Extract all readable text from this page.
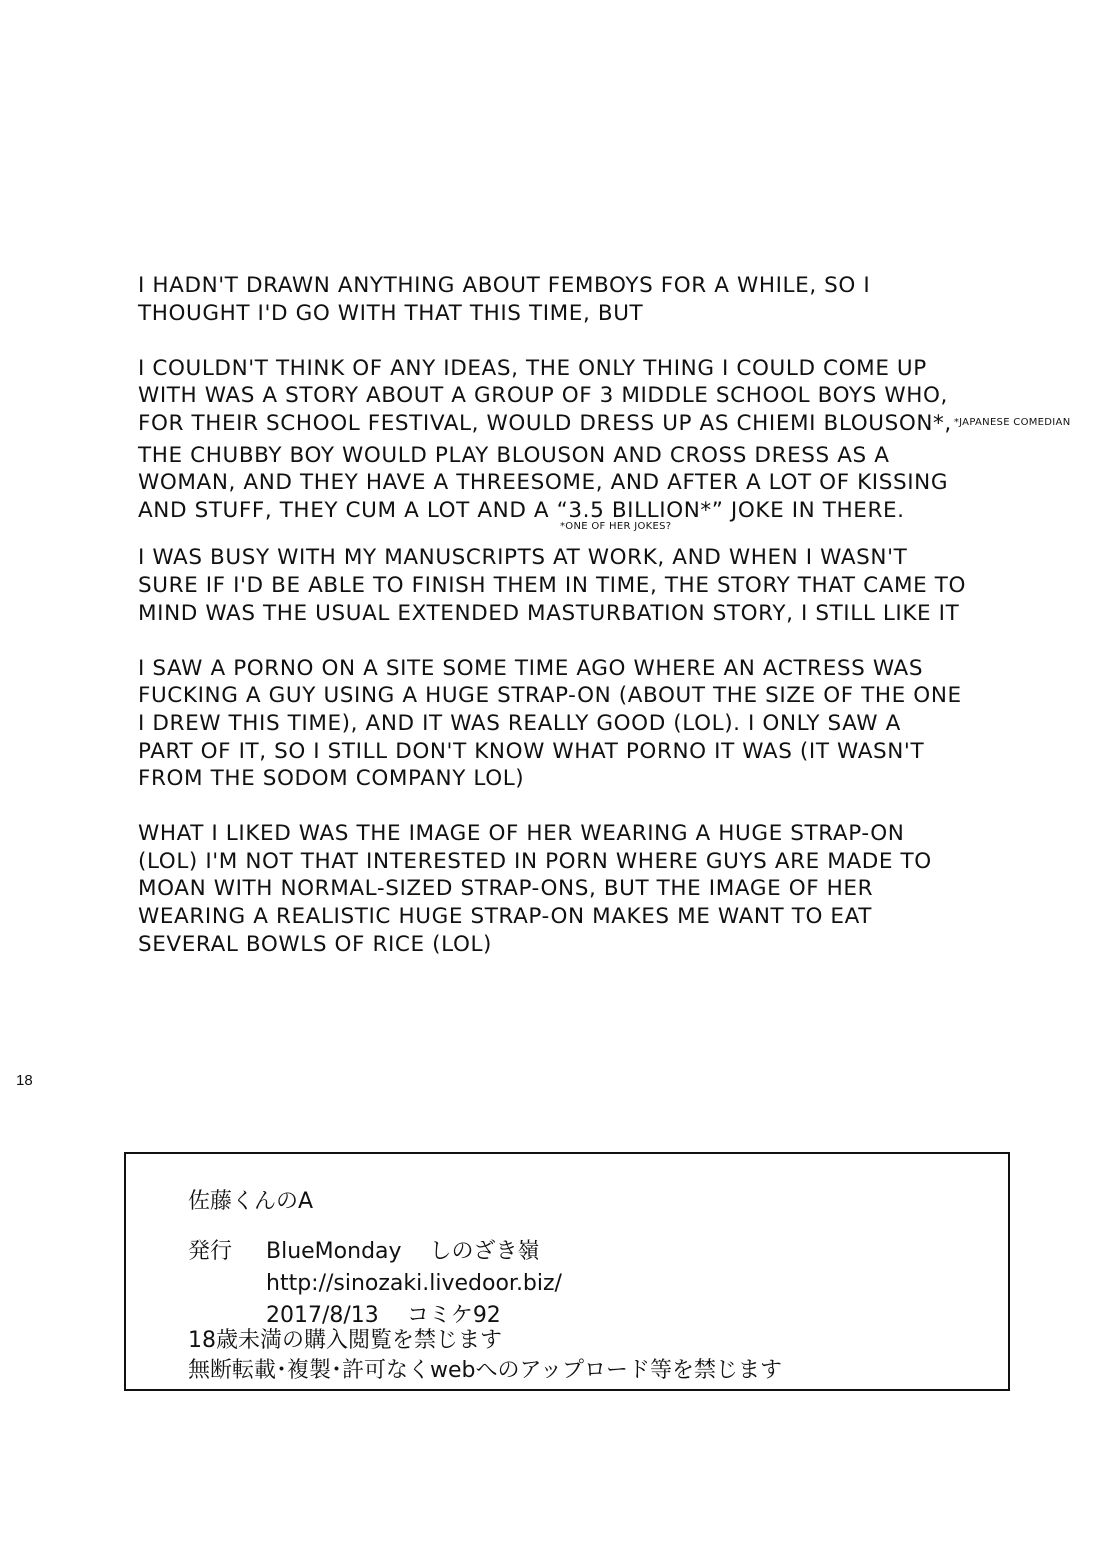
I HADN'T DRAWN ANYTHING ABOUT FEMBOYS FOR A WHILE, SO I
THOUGHT I'D GO WITH THAT THIS TIME, BUT
I COULDN'T THINK OF ANY IDEAS, THE ONLY THING I COULD COME UP
WITH WAS A STORY ABOUT A GROUP OF 3 MIDDLE SCHOOL BOYS WHO,
FOR THEIR SCHOOL FESTIVAL, WOULD DRESS UP AS CHIEMI BLOUSON*, $^{*JAPANESE COMEDIAN}$
THE CHUBBY BOY WOULD PLAY BLOUSON AND CROSS DRESS AS A
WOMAN, AND THEY HAVE A THREESOME, AND AFTER A LOT OF KISSING
AND STUFF, THEY CUM A LOT AND A “3.5 BILLION*” JOKE IN THERE.
*ONE OF HER JOKES?
I WAS BUSY WITH MY MANUSCRIPTS AT WORK, AND WHEN I WASN'T
SURE IF I'D BE ABLE TO FINISH THEM IN TIME, THE STORY THAT CAME TO
MIND WAS THE USUAL EXTENDED MASTURBATION STORY, I STILL LIKE IT
I SAW A PORNO ON A SITE SOME TIME AGO WHERE AN ACTRESS WAS
FUCKING A GUY USING A HUGE STRAP-ON (ABOUT THE SIZE OF THE ONE
I DREW THIS TIME), AND IT WAS REALLY GOOD (LOL). I ONLY SAW A
PART OF IT, SO I STILL DON'T KNOW WHAT PORNO IT WAS (IT WASN'T
FROM THE SODOM COMPANY LOL)
WHAT I LIKED WAS THE IMAGE OF HER WEARING A HUGE STRAP-ON
(LOL) I'M NOT THAT INTERESTED IN PORN WHERE GUYS ARE MADE TO
MOAN WITH NORMAL-SIZED STRAP-ONS, BUT THE IMAGE OF HER
WEARING A REALISTIC HUGE STRAP-ON MAKES ME WANT TO EAT
SEVERAL BOWLS OF RICE (LOL)
佐藤くんのA
発行	BlueMonday しのざき嶺
http://sinozaki.livedoor.biz/
2017/8/13 コミケ92
18歳未満の購入閲覧を禁じます
無断転載･複製･許可なくwebへのアップロード等を禁じます
18
